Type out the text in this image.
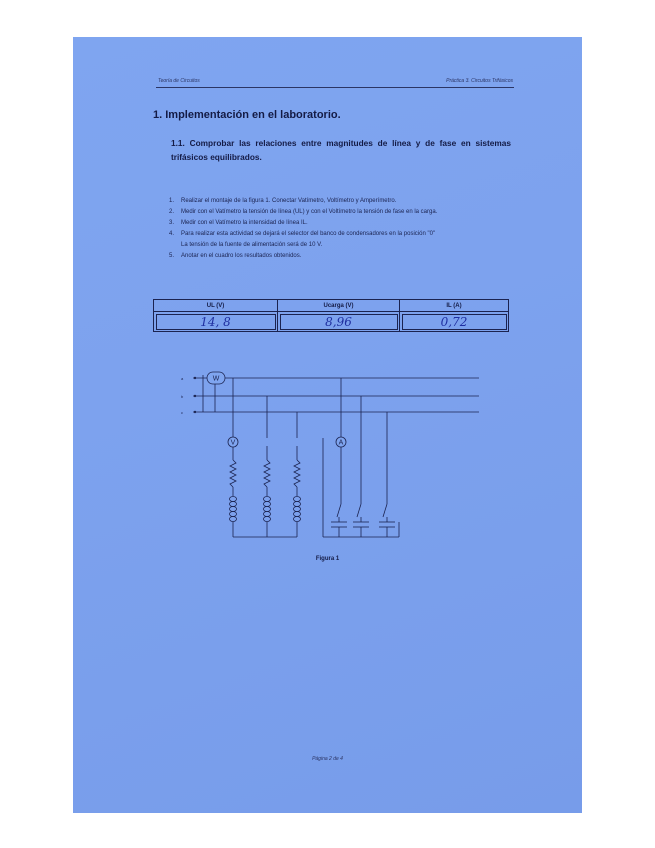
Teoría de Circuitos	Práctica 3. Circuitos Trifásicos
1. Implementación en el laboratorio.
1.1. Comprobar las relaciones entre magnitudes de línea y de fase en sistemas trifásicos equilibrados.
1. Realizar el montaje de la figura 1. Conectar Vatímetro, Voltímetro y Amperímetro.
2. Medir con el Vatímetro la tensión de línea (UL) y con el Voltímetro la tensión de fase en la carga.
3. Medir con el Vatímetro la intensidad de línea IL.
4. Para realizar esta actividad se dejará el selector del banco de condensadores en la posición "0"
La tensión de la fuente de alimentación será de 10 V.
5. Anotar en el cuadro los resultados obtenidos.
UL (V)	Ucarga (V)	IL (A)
14, 8	8,96	0,72
W
V	A
a
b
c
Figura 1
Página 2 de 4
